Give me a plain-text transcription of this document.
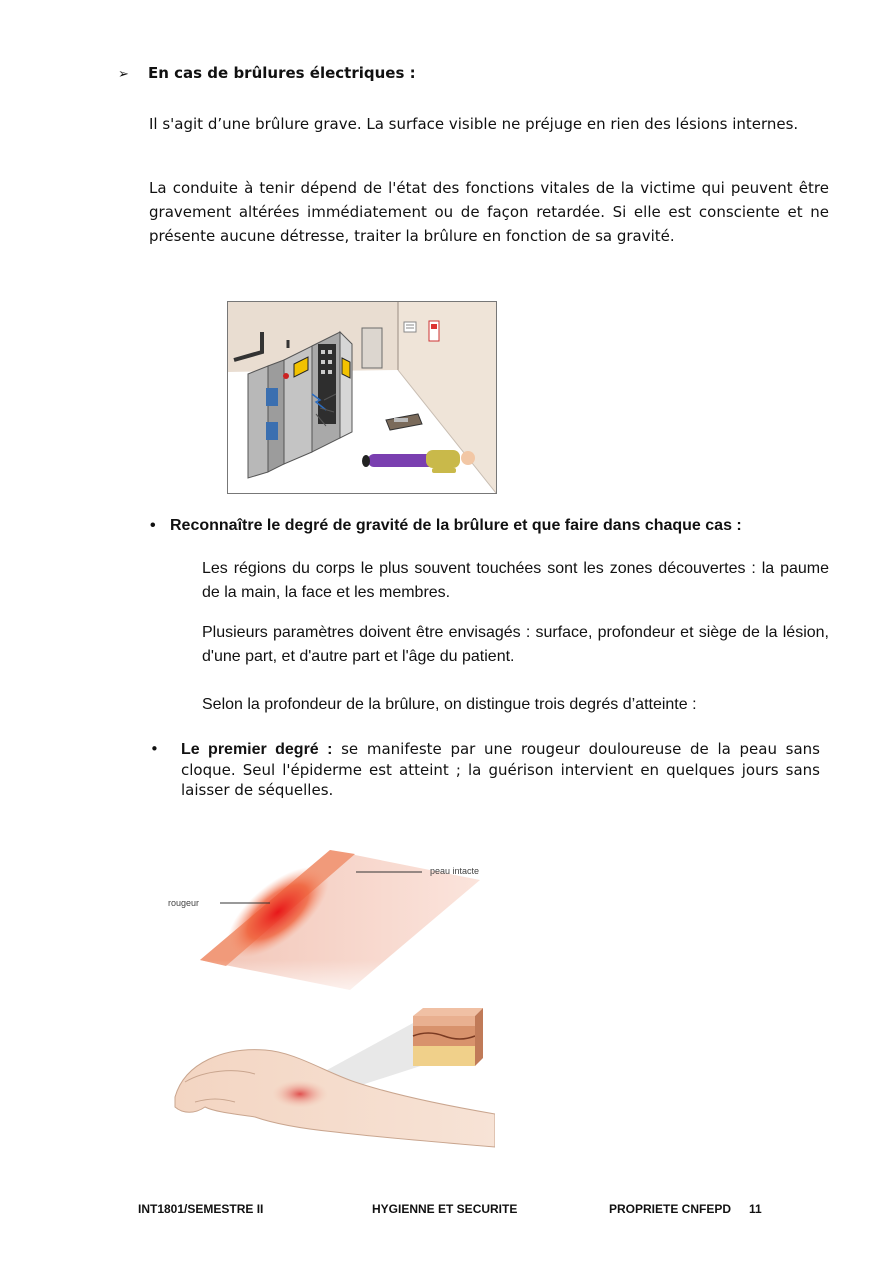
➢ En cas de brûlures électriques :
Il s'agit d’une brûlure grave. La surface visible ne préjuge en rien des lésions internes.
La conduite à tenir dépend de l'état des fonctions vitales de la victime qui peuvent être gravement altérées immédiatement ou de façon retardée. Si elle est consciente et ne présente aucune détresse, traiter la brûlure en fonction de sa gravité.
• Reconnaître le degré de gravité de la brûlure et que faire dans chaque cas :
Les régions du corps le plus souvent touchées sont les zones découvertes : la paume de la main, la face et les membres.
Plusieurs paramètres doivent être envisagés : surface, profondeur et siège de la lésion, d'une part, et d'autre part et l'âge du patient.
Selon la profondeur de la brûlure, on distingue trois degrés d’atteinte :
• Le premier degré : se manifeste par une rougeur douloureuse de la peau sans cloque. Seul l'épiderme est atteint ; la guérison intervient en quelques jours sans laisser de séquelles.
peau intacte
rougeur
INT1801/SEMESTRE II	HYGIENNE ET SECURITE	PROPRIETE CNFEPD 11
